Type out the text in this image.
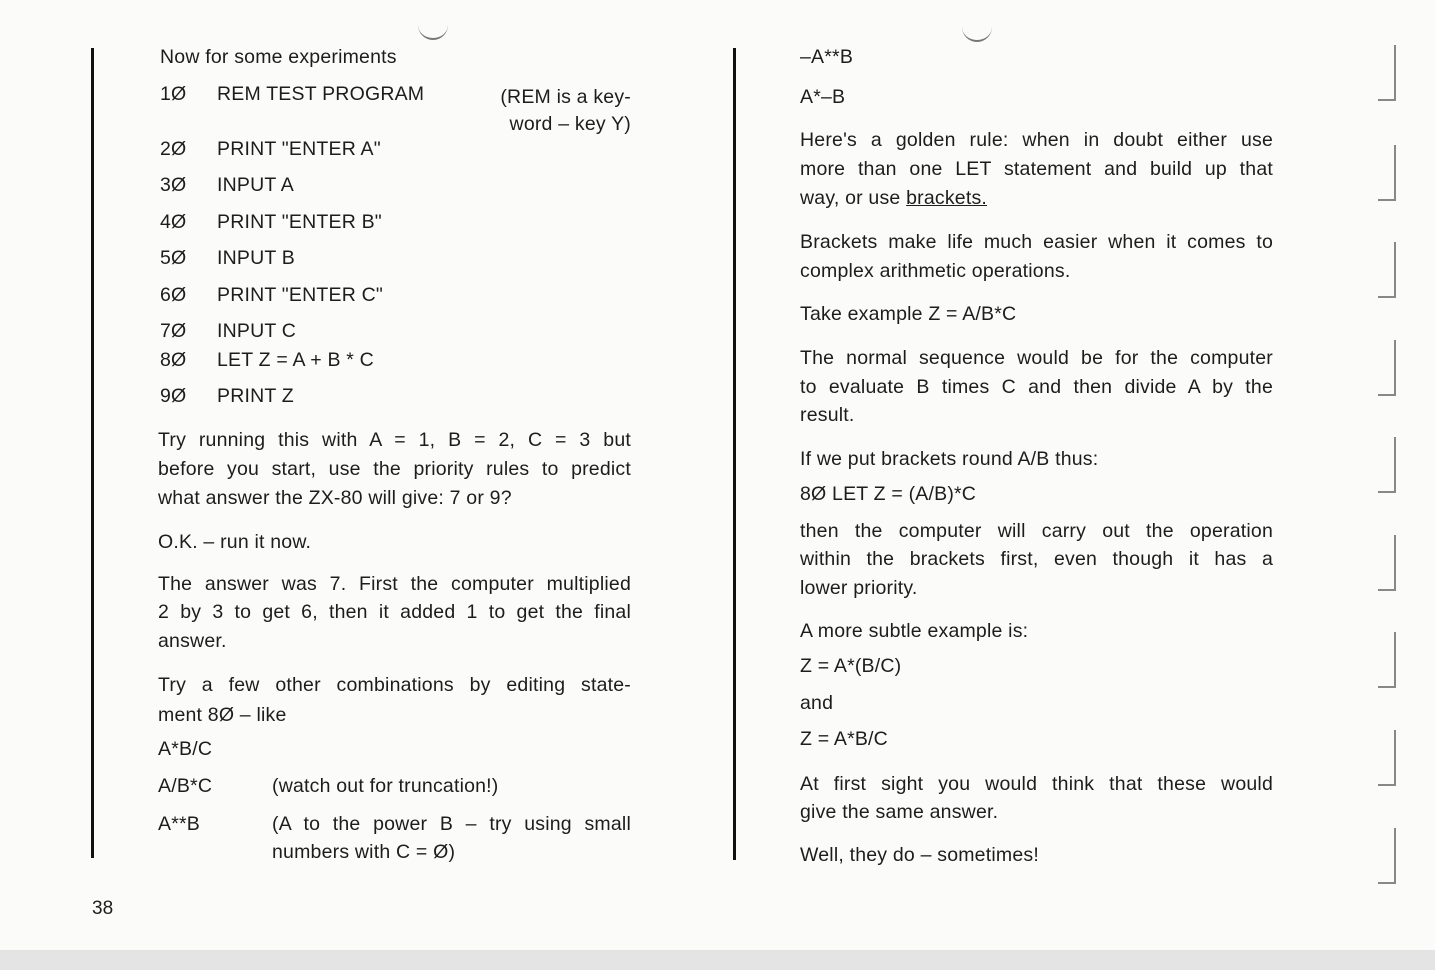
Now for some experiments
1Ø REM TEST PROGRAM	(REM is a key-
word – key Y)
2Ø PRINT "ENTER A"
3Ø INPUT A
4Ø PRINT "ENTER B"
5Ø INPUT B
6Ø PRINT "ENTER C"
7Ø INPUT C
8Ø LET Z = A + B * C
9Ø PRINT Z
Try running this with A = 1, B = 2, C = 3 but
before you start, use the priority rules to predict
what answer the ZX-80 will give: 7 or 9?
O.K. – run it now.
The answer was 7. First the computer multiplied
2 by 3 to get 6, then it added 1 to get the final
answer.
Try a few other combinations by editing state-
ment 8Ø – like
A*B/C
A/B*C	(watch out for truncation!)
A**B	(A to the power B – try using small
numbers with C = Ø)
38
–A**B
A*–B
Here's a golden rule: when in doubt either use
more than one LET statement and build up that
way, or use brackets.
Brackets make life much easier when it comes to
complex arithmetic operations.
Take example Z = A/B*C
The normal sequence would be for the computer
to evaluate B times C and then divide A by the
result.
If we put brackets round A/B thus:
8Ø LET Z = (A/B)*C
then the computer will carry out the operation
within the brackets first, even though it has a
lower priority.
A more subtle example is:
Z = A*(B/C)
and
Z = A*B/C
At first sight you would think that these would
give the same answer.
Well, they do – sometimes!
